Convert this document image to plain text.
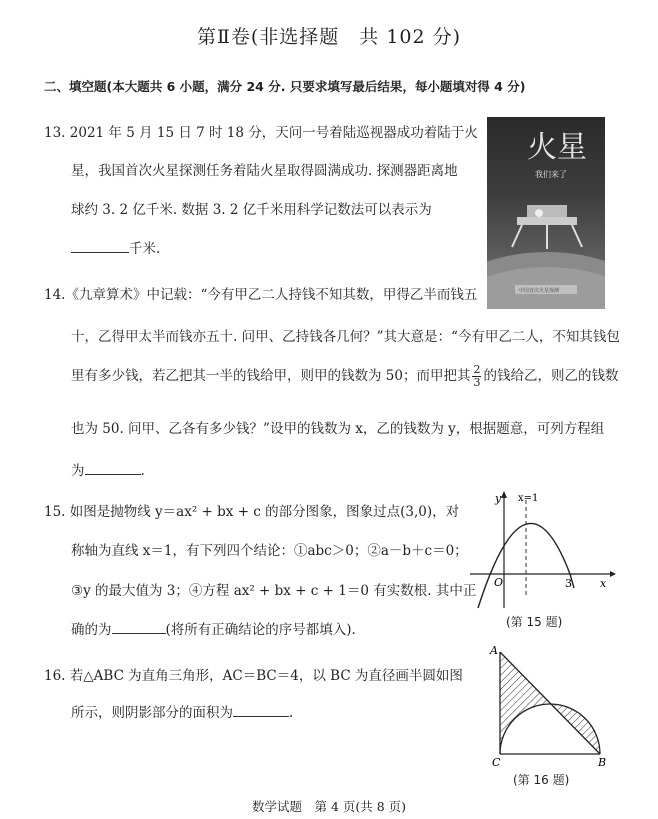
第Ⅱ卷(非选择题　共 102 分)
二、填空题(本大题共 6 小题，满分 24 分. 只要求填写最后结果，每小题填对得 4 分)
13. 2021 年 5 月 15 日 7 时 18 分，天问一号着陆巡视器成功着陆于火
星，我国首次火星探测任务着陆火星取得圆满成功. 探测器距离地
球约 3. 2 亿千米. 数据 3. 2 亿千米用科学记数法可以表示为
千米.
火星
我们来了
中国首次火星探测
14.《九章算术》中记载：“今有甲乙二人持钱不知其数，甲得乙半而钱五
十，乙得甲太半而钱亦五十. 问甲、乙持钱各几何？”其大意是：“今有甲乙二人，不知其钱包
里有多少钱，若乙把其一半的钱给甲，则甲的钱数为 50；而甲把其 $\frac{2}{3}$ 的钱给乙，则乙的钱数
也为 50. 问甲、乙各有多少钱？”设甲的钱数为 x，乙的钱数为 y，根据题意，可列方程组
为	.
15. 如图是抛物线 y＝ax² + bx + c 的部分图象，图象过点(3,0)，对
称轴为直线 x＝1，有下列四个结论：①abc＞0；②a－b＋c＝0；
③y 的最大值为 3；④方程 ax² + bx + c + 1＝0 有实数根. 其中正
确的为	(将所有正确结论的序号都填入).
y
x
x=1
O	3
(第 15 题)
16. 若△ABC 为直角三角形，AC＝BC＝4，以 BC 为直径画半圆如图
所示，则阴影部分的面积为	.
A
C	B
(第 16 题)
数学试题　第 4 页(共 8 页)
